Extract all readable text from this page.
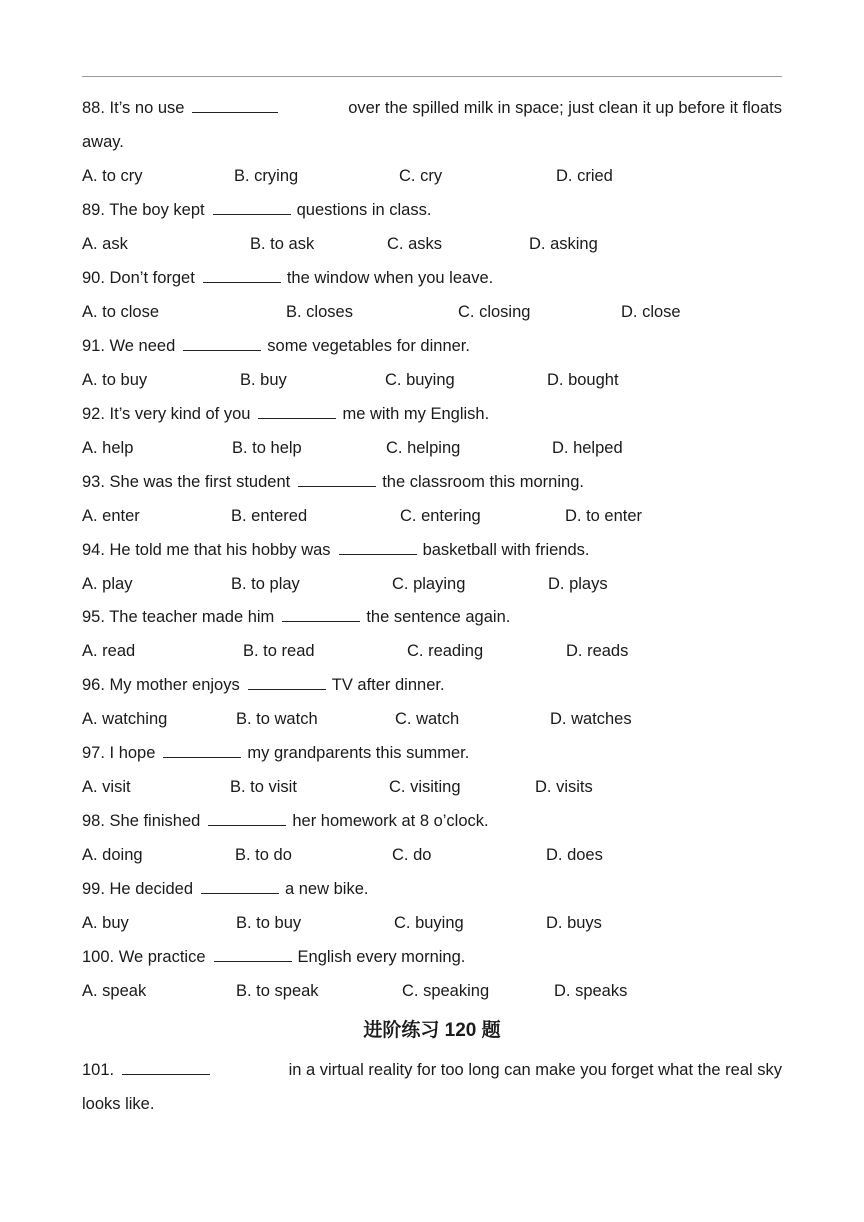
88. It’s no use	over the spilled milk in space; just clean it up before it floats
away.
A. to cry	B. crying	C. cry	D. cried
89. The boy kept	questions in class.
A. ask	B. to ask	C. asks	D. asking
90. Don’t forget	the window when you leave.
A. to close	B. closes	C. closing	D. close
91. We need	some vegetables for dinner.
A. to buy	B. buy	C. buying	D. bought
92. It’s very kind of you	me with my English.
A. help	B. to help	C. helping	D. helped
93. She was the first student	the classroom this morning.
A. enter	B. entered	C. entering	D. to enter
94. He told me that his hobby was	basketball with friends.
A. play	B. to play	C. playing	D. plays
95. The teacher made him	the sentence again.
A. read	B. to read	C. reading	D. reads
96. My mother enjoys	TV after dinner.
A. watching	B. to watch	C. watch	D. watches
97. I hope	my grandparents this summer.
A. visit	B. to visit	C. visiting	D. visits
98. She finished	her homework at 8 o’clock.
A. doing	B. to do	C. do	D. does
99. He decided	a new bike.
A. buy	B. to buy	C. buying	D. buys
100. We practice	English every morning.
A. speak	B. to speak	C. speaking	D. speaks
进阶练习 120 题
101.	in a virtual reality for too long can make you forget what the real sky
looks like.
